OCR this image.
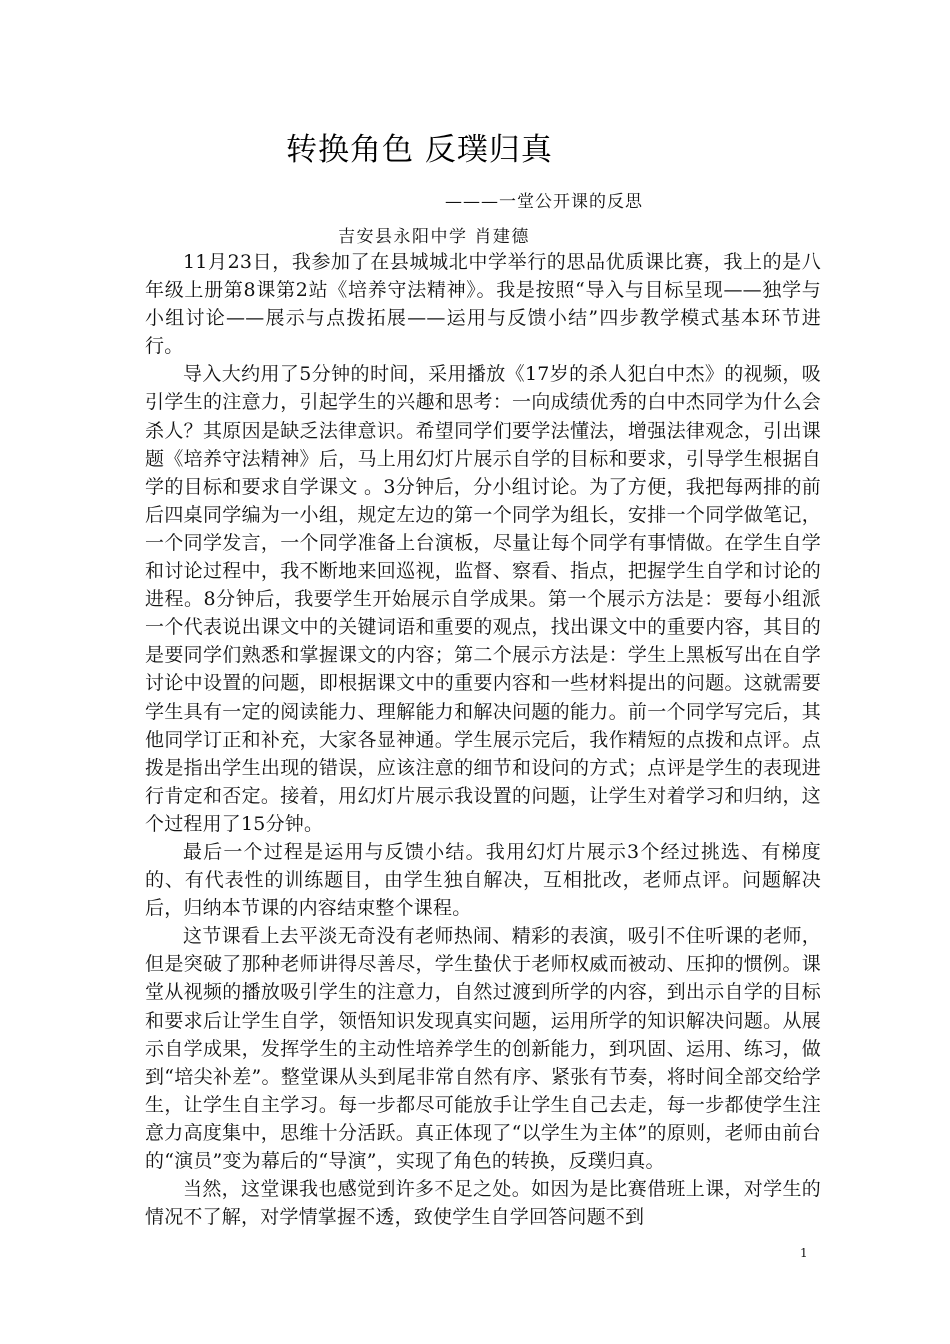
转换角色 反璞归真
———一堂公开课的反思
吉安县永阳中学 肖建德

11月23日，我参加了在县城城北中学举行的思品优质课比赛，我上的是八年级上册第8课第2站《培养守法精神》。我是按照“导入与目标呈现——独学与小组讨论——展示与点拨拓展——运用与反馈小结”四步教学模式基本环节进行。

导入大约用了5分钟的时间，采用播放《17岁的杀人犯白中杰》的视频，吸引学生的注意力，引起学生的兴趣和思考：一向成绩优秀的白中杰同学为什么会杀人？其原因是缺乏法律意识。希望同学们要学法懂法，增强法律观念，引出课题《培养守法精神》后，马上用幻灯片展示自学的目标和要求，引导学生根据自学的目标和要求自学课文 。3分钟后，分小组讨论。为了方便，我把每两排的前后四桌同学编为一小组，规定左边的第一个同学为组长，安排一个同学做笔记，一个同学发言，一个同学准备上台演板，尽量让每个同学有事情做。在学生自学和讨论过程中，我不断地来回巡视，监督、察看、指点，把握学生自学和讨论的进程。8分钟后，我要学生开始展示自学成果。第一个展示方法是：要每小组派一个代表说出课文中的关键词语和重要的观点，找出课文中的重要内容，其目的是要同学们熟悉和掌握课文的内容；第二个展示方法是：学生上黑板写出在自学讨论中设置的问题，即根据课文中的重要内容和一些材料提出的问题。这就需要学生具有一定的阅读能力、理解能力和解决问题的能力。前一个同学写完后，其他同学订正和补充，大家各显神通。学生展示完后，我作精短的点拨和点评。点拨是指出学生出现的错误，应该注意的细节和设问的方式；点评是学生的表现进行肯定和否定。接着，用幻灯片展示我设置的问题，让学生对着学习和归纳，这个过程用了15分钟。

最后一个过程是运用与反馈小结。我用幻灯片展示3个经过挑选、有梯度的、有代表性的训练题目，由学生独自解决，互相批改，老师点评。问题解决后，归纳本节课的内容结束整个课程。

这节课看上去平淡无奇没有老师热闹、精彩的表演，吸引不住听课的老师，但是突破了那种老师讲得尽善尽，学生蛰伏于老师权威而被动、压抑的惯例。课堂从视频的播放吸引学生的注意力，自然过渡到所学的内容，到出示自学的目标和要求后让学生自学，领悟知识发现真实问题，运用所学的知识解决问题。从展示自学成果，发挥学生的主动性培养学生的创新能力，到巩固、运用、练习，做到“培尖补差”。整堂课从头到尾非常自然有序、紧张有节奏，将时间全部交给学生，让学生自主学习。每一步都尽可能放手让学生自己去走，每一步都使学生注意力高度集中，思维十分活跃。真正体现了“以学生为主体”的原则，老师由前台的“演员”变为幕后的“导演”，实现了角色的转换，反璞归真。

当然，这堂课我也感觉到许多不足之处。如因为是比赛借班上课，对学生的情况不了解，对学情掌握不透，致使学生自学回答问题不到

1
